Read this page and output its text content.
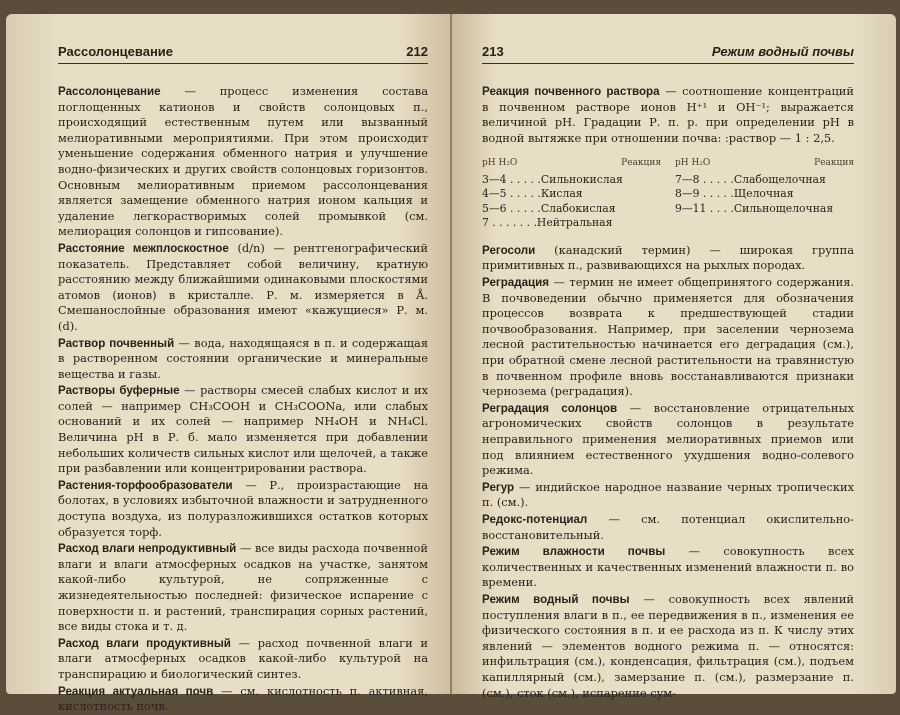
Рассолонцевание	212

Рассолонцевание — процесс изменения состава поглощенных катионов и свойств солонцовых п., происходящий естественным путем или вызванный мелиоративными мероприятиями. При этом происходит уменьшение содержания обменного натрия и улучшение водно-физических и других свойств солонцовых горизонтов. Основным мелиоративным приемом рассолонцевания является замещение обменного натрия ионом кальция и удаление легкорастворимых солей промывкой (см. мелиорация солонцов и гипсование).

Расстояние межплоскостное (d/n) — рентгенографический показатель. Представляет собой величину, кратную расстоянию между ближайшими одинаковыми плоскостями атомов (ионов) в кристалле. Р. м. измеряется в Å. Смешанослойные образования имеют «кажущиеся» Р. м. (d).

Раствор почвенный — вода, находящаяся в п. и содержащая в растворенном состоянии органические и минеральные вещества и газы.

Растворы буферные — растворы смесей слабых кислот и их солей — например CH₃COOH и CH₃COONa, или слабых оснований и их солей — например NH₄OH и NH₄Cl. Величина pH в Р. б. мало изменяется при добавлении небольших количеств сильных кислот или щелочей, а также при разбавлении или концентрировании раствора.

Растения-торфообразователи — Р., произрастающие на болотах, в условиях избыточной влажности и затрудненного доступа воздуха, из полуразложившихся остатков которых образуется торф.

Расход влаги непродуктивный — все виды расхода почвенной влаги и влаги атмосферных осадков на участке, занятом какой-либо культурой, не сопряженные с жизнедеятельностью последней: физическое испарение с поверхности п. и растений, транспирация сорных растений, все виды стока и т. д.

Расход влаги продуктивный — расход почвенной влаги и влаги атмосферных осадков какой-либо культурой на транспирацию и биологический синтез.

Реакция актуальная почв — см. кислотность п. активная, кислотность почв.

213	Режим водный почвы

Реакция почвенного раствора — соотношение концентраций в почвенном растворе ионов H⁺¹ и OH⁻¹; выражается величиной pH. Градации Р. п. р. при определении pH в водной вытяжке при отношении почва: :раствор — 1 : 2,5.

pH H₂O	Реакция
3—4 . . . . . Сильнокислая
4—5 . . . . . Кислая
5—6 . . . . . Слабокислая
7 . . . . . . . Нейтральная
pH H₂O	Реакция
7—8 . . . . . Слабощелочная
8—9 . . . . . Щелочная
9—11 . . . . Сильнощелочная

Регосоли (канадский термин) — широкая группа примитивных п., развивающихся на рыхлых породах.

Реградация — термин не имеет общепринятого содержания. В почвоведении обычно применяется для обозначения процессов возврата к предшествующей стадии почвообразования. Например, при заселении чернозема лесной растительностью начинается его деградация (см.), при обратной смене лесной растительности на травянистую в почвенном профиле вновь восстанавливаются признаки чернозема (реградация).

Реградация солонцов — восстановление отрицательных агрономических свойств солонцов в результате неправильного применения мелиоративных приемов или под влиянием естественного ухудшения водно-солевого режима.

Регур — индийское народное название черных тропических п. (см.).

Редокс-потенциал — см. потенциал окислительно-восстановительный.

Режим влажности почвы — совокупность всех количественных и качественных изменений влажности п. во времени.

Режим водный почвы — совокупность всех явлений поступления влаги в п., ее передвижения в п., изменения ее физического состояния в п. и ее расхода из п. К числу этих явлений — элементов водного режима п. — относятся: инфильтрация (см.), конденсация, фильтрация (см.), подъем капиллярный (см.), замерзание п. (см.), размерзание п. (см.), сток (см.), испарение сум-
